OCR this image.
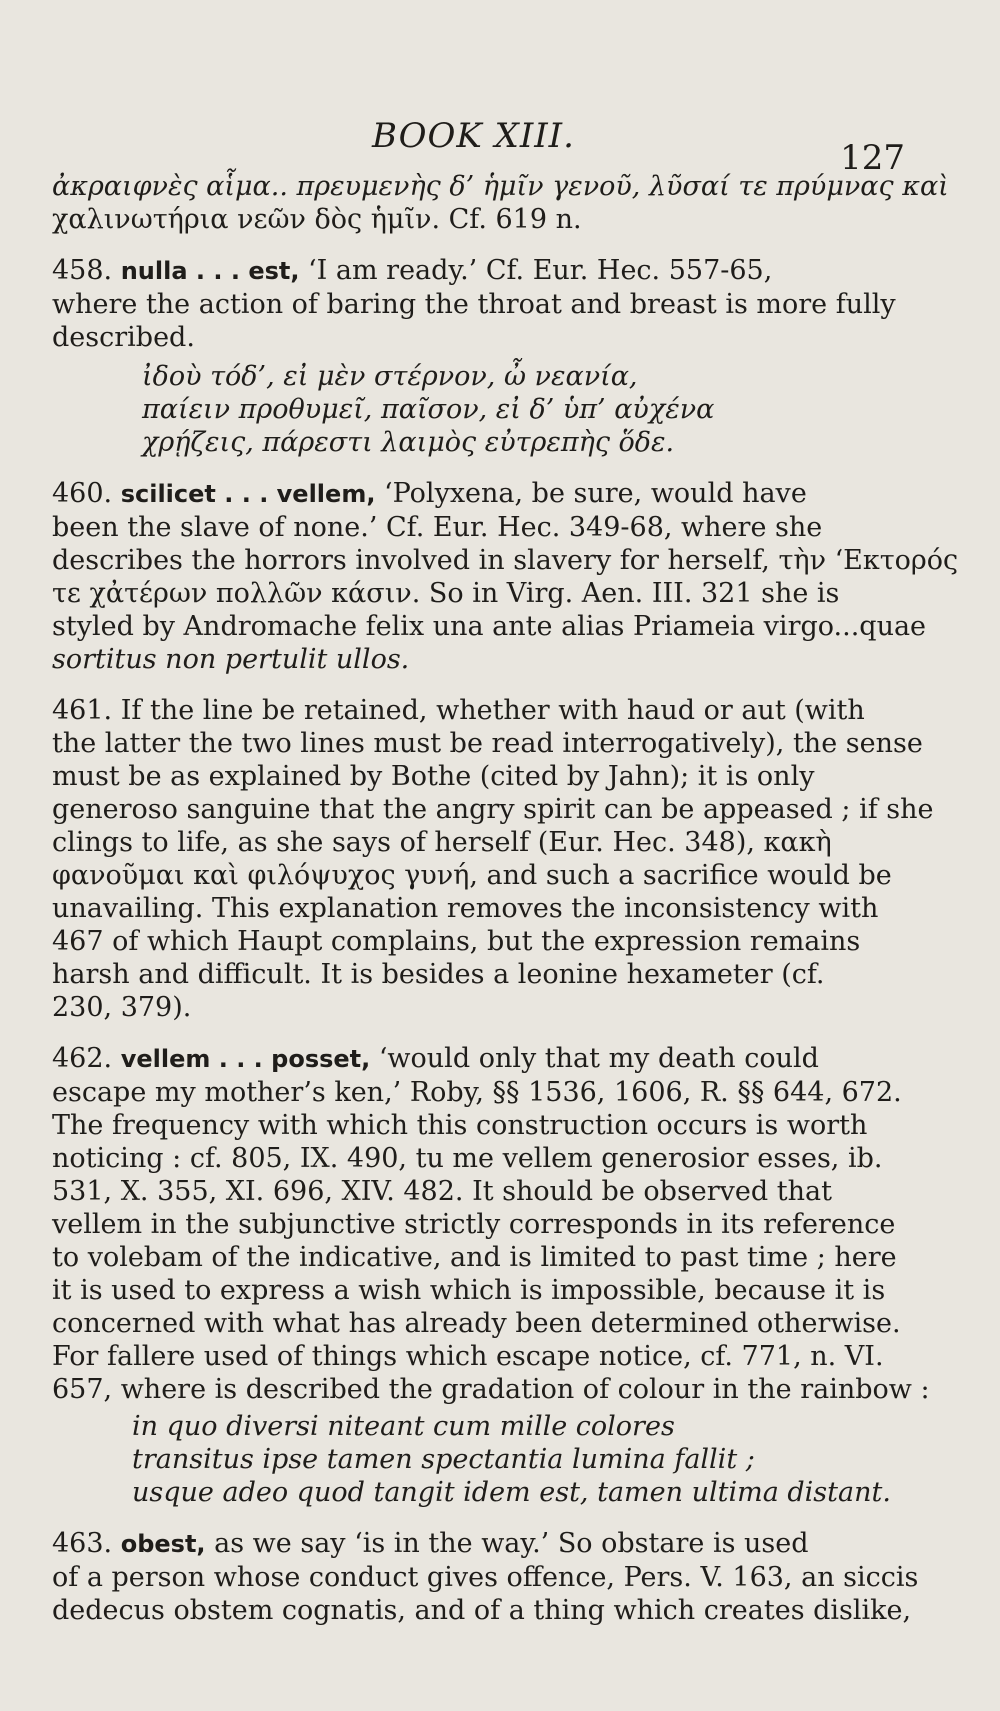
BOOK XIII.
127
ἀκραιφνὲς αἷμα.. πρευμενὴς δ’ ἡμῖν γενοῦ, λῦσαί τε πρύμνας καὶ
χαλινωτήρια νεῶν δὸς ἡμῖν. Cf. 619 n.
458. nulla . . . est, ‘I am ready.’ Cf. Eur. Hec. 557-65,
where the action of baring the throat and breast is more fully
described.
ἰδοὺ τόδ’, εἰ μὲν στέρνον, ὦ νεανία,
παίειν προθυμεῖ, παῖσον, εἰ δ’ ὑπ’ αὐχένα
χρῄζεις, πάρεστι λαιμὸς εὐτρεπὴς ὅδε.
460. scilicet . . . vellem, ‘Polyxena, be sure, would have
been the slave of none.’ Cf. Eur. Hec. 349-68, where she
describes the horrors involved in slavery for herself, τὴν ‘Εκτορός
τε χἀτέρων πολλῶν κάσιν. So in Virg. Aen. III. 321 she is
styled by Andromache felix una ante alias Priameia virgo...quae
sortitus non pertulit ullos.
461. If the line be retained, whether with haud or aut (with
the latter the two lines must be read interrogatively), the sense
must be as explained by Bothe (cited by Jahn); it is only
generoso sanguine that the angry spirit can be appeased ; if she
clings to life, as she says of herself (Eur. Hec. 348), κακὴ
φανοῦμαι καὶ φιλόψυχος γυνή, and such a sacrifice would be
unavailing. This explanation removes the inconsistency with
467 of which Haupt complains, but the expression remains
harsh and difficult. It is besides a leonine hexameter (cf.
230, 379).
462. vellem . . . posset, ‘would only that my death could
escape my mother’s ken,’ Roby, §§ 1536, 1606, R. §§ 644, 672.
The frequency with which this construction occurs is worth
noticing : cf. 805, IX. 490, tu me vellem generosior esses, ib.
531, X. 355, XI. 696, XIV. 482. It should be observed that
vellem in the subjunctive strictly corresponds in its reference
to volebam of the indicative, and is limited to past time ; here
it is used to express a wish which is impossible, because it is
concerned with what has already been determined otherwise.
For fallere used of things which escape notice, cf. 771, n. VI.
657, where is described the gradation of colour in the rainbow :
in quo diversi niteant cum mille colores
transitus ipse tamen spectantia lumina fallit ;
usque adeo quod tangit idem est, tamen ultima distant.
463. obest, as we say ‘is in the way.’ So obstare is used
of a person whose conduct gives offence, Pers. V. 163, an siccis
dedecus obstem cognatis, and of a thing which creates dislike,
